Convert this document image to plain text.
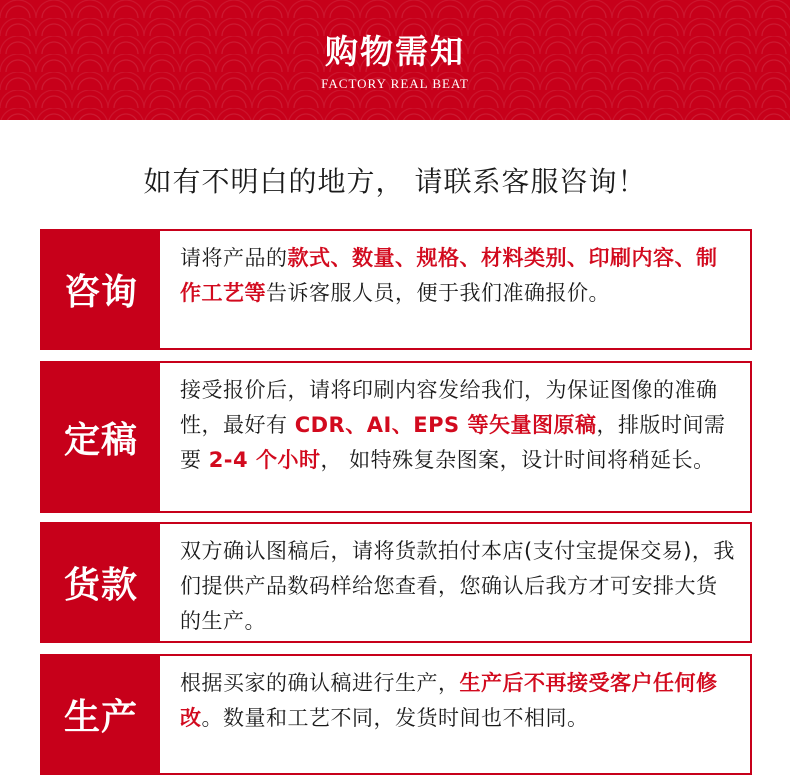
购物需知
FACTORY REAL BEAT
如有不明白的地方， 请联系客服咨询！
咨询
请将产品的款式、数量、规格、材料类别、印刷内容、制作工艺等告诉客服人员，便于我们准确报价。
定稿
接受报价后，请将印刷内容发给我们，为保证图像的准确性，最好有 CDR、AI、EPS 等矢量图原稿，排版时间需要 2-4 个小时， 如特殊复杂图案，设计时间将稍延长。
货款
双方确认图稿后，请将货款拍付本店(支付宝提保交易)，我们提供产品数码样给您查看，您确认后我方才可安排大货的生产。
生产
根据买家的确认稿进行生产，生产后不再接受客户任何修改。数量和工艺不同，发货时间也不相同。
